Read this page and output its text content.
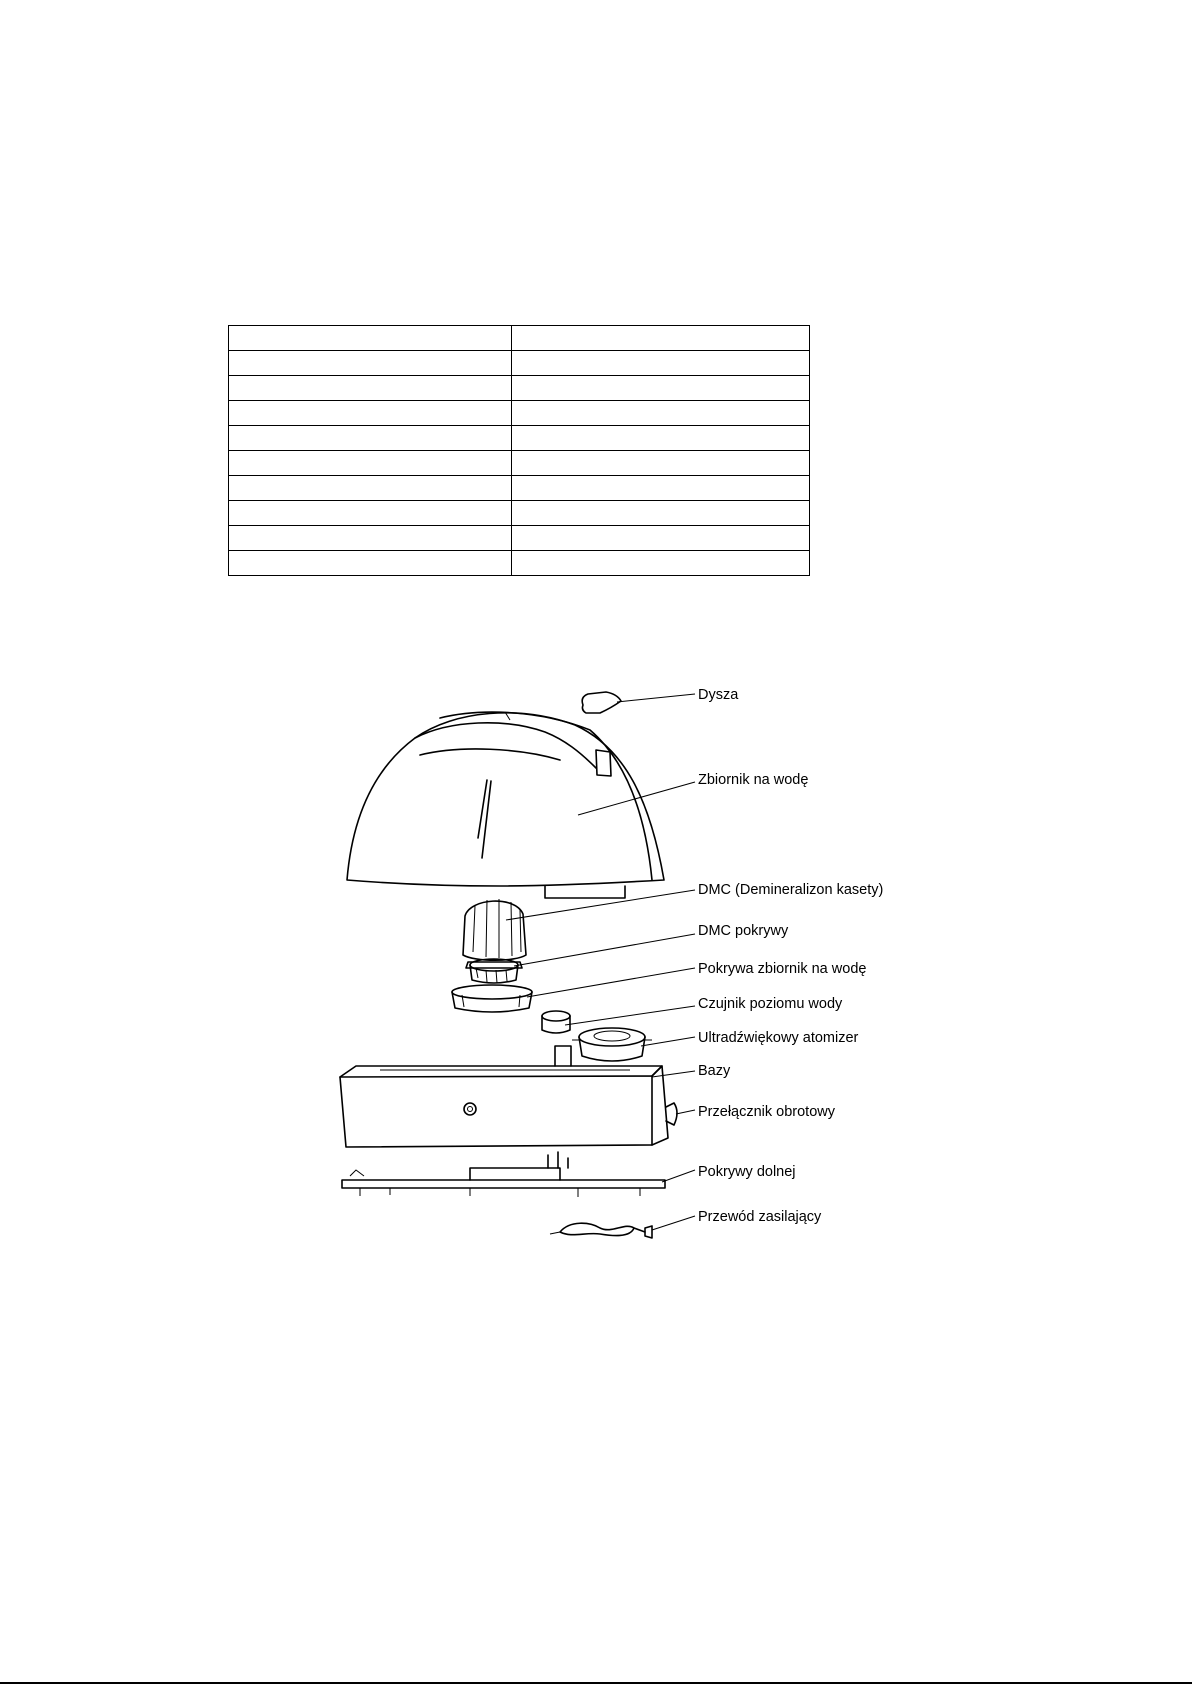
Dysza
Zbiornik na wodę
DMC (Demineralizon kasety)
DMC pokrywy
Pokrywa zbiornik na wodę
Czujnik poziomu wody
Ultradźwiękowy atomizer
Bazy
Przełącznik obrotowy
Pokrywy dolnej
Przewód zasilający
